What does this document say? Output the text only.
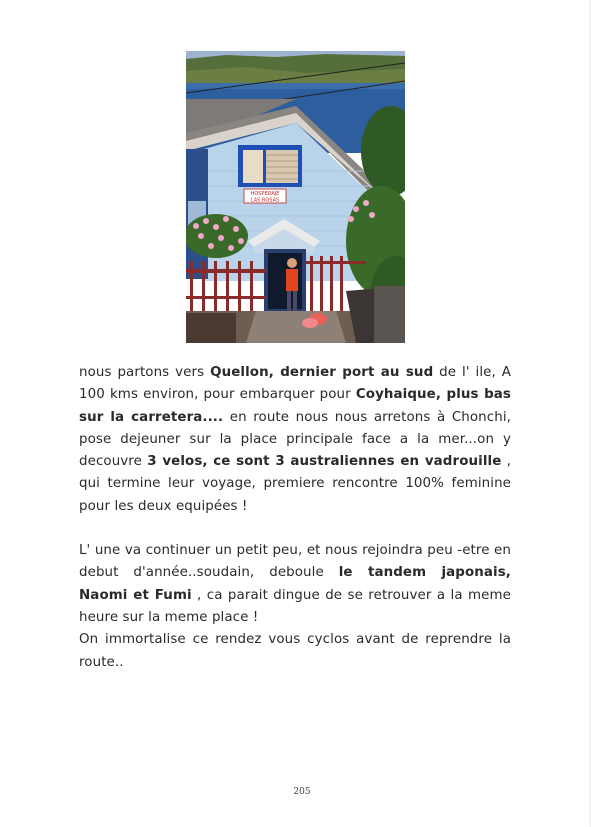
HOSPEDAJE
LAS ROSAS

nous partons vers Quellon, dernier port au sud de l' ile, A 100 kms environ, pour embarquer pour Coyhaique, plus bas sur la carretera.... en route nous nous arretons à Chonchi, pose dejeuner sur la place principale face a la mer...on y decouvre 3 velos, ce sont 3 australiennes en vadrouille , qui termine leur voyage, premiere rencontre 100% feminine pour les deux equipées !

L' une va continuer un petit peu, et nous rejoindra peu -etre en debut d'année..soudain, deboule le tandem japonais, Naomi et Fumi , ca parait dingue de se retrouver a la meme heure sur la meme place !

On immortalise ce rendez vous cyclos avant de reprendre la route..

205
